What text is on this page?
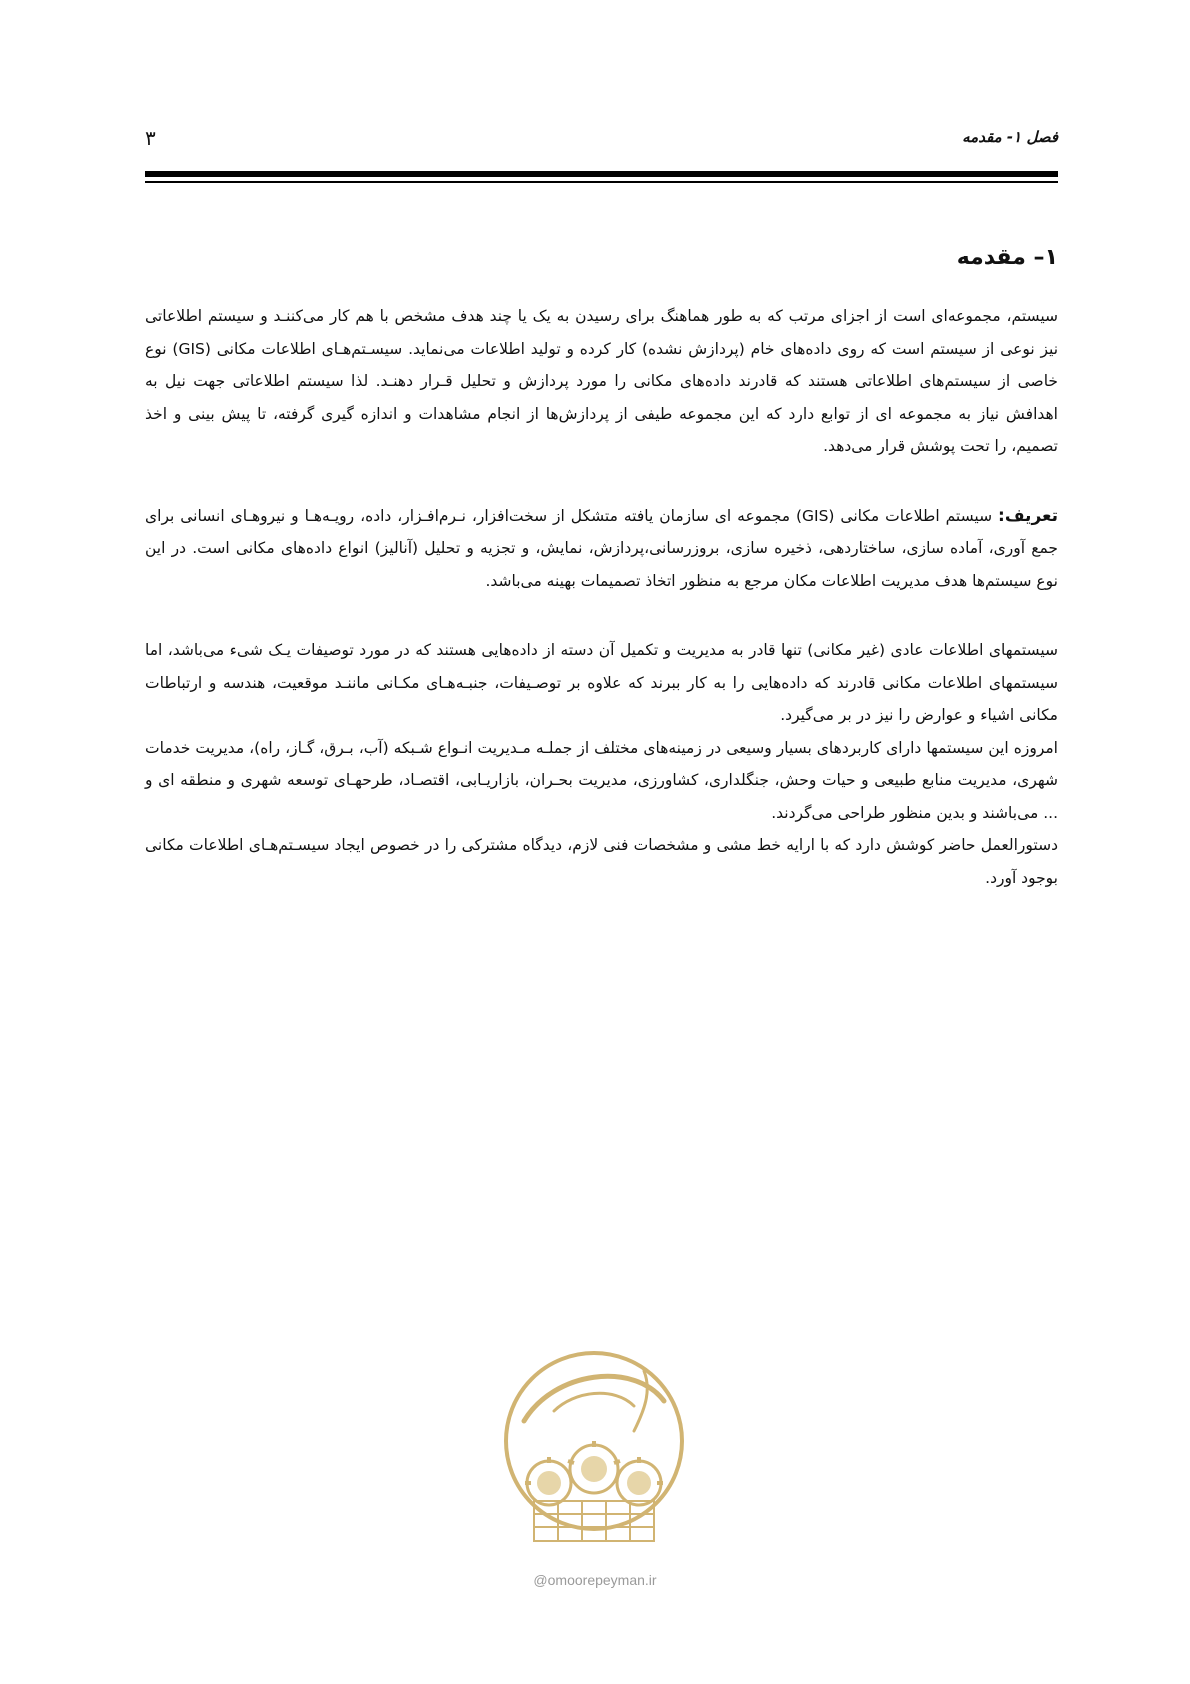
فصل ۱- مقدمه
۳
۱– مقدمه

سیستم، مجموعه‌ای است از اجزای مرتب که به طور هماهنگ برای رسیدن به یک یا چند هدف مشخص با هم کار می‌کننـد و سیستم اطلاعاتی نیز نوعی از سیستم است که روی داده‌های خام (پردازش نشده) کار کرده و تولید اطلاعات می‌نماید. سیسـتم‌هـای اطلاعات مکانی (GIS) نوع خاصی از سیستم‌های اطلاعاتی هستند که قادرند داده‌های مکانی را مورد پردازش و تحلیل قـرار دهنـد. لذا سیستم اطلاعاتی جهت نیل به اهدافش نیاز به مجموعه ای از توابع دارد که این مجموعه طیفی از پردازش‌ها از انجام مشاهدات و اندازه گیری گرفته، تا پیش بینی و اخذ تصمیم، را تحت پوشش قرار می‌دهد.

تعریف: سیستم اطلاعات مکانی (GIS) مجموعه ای سازمان یافته متشکل از سخت‌افزار، نـرم‌افـزار، داده، رویـه‌هـا و نیروهـای انسانی برای جمع آوری، آماده سازی، ساختاردهی، ذخیره سازی، بروزرسانی،پردازش، نمایش، و تجزیه و تحلیل (آنالیز) انواع داده‌های مکانی است. در این نوع سیستم‌ها هدف مدیریت اطلاعات مکان مرجع به منظور اتخاذ تصمیمات بهینه می‌باشد.

سیستمهای اطلاعات عادی (غیر مکانی) تنها قادر به مدیریت و تکمیل آن دسته از داده‌هایی هستند که در مورد توصیفات یـک شیء می‌باشد، اما سیستمهای اطلاعات مکانی قادرند که داده‌هایی را به کار ببرند که علاوه بر توصـیفات، جنبـه‌هـای مکـانی ماننـد موقعیت، هندسه و ارتباطات مکانی اشیاء و عوارض را نیز در بر می‌گیرد.

امروزه این سیستمها دارای کاربردهای بسیار وسیعی در زمینه‌های مختلف از جملـه مـدیریت انـواع شـبکه (آب، بـرق، گـاز، راه)، مدیریت خدمات شهری، مدیریت منابع طبیعی و حیات وحش، جنگلداری، کشاورزی، مدیریت بحـران، بازاریـابی، اقتصـاد، طرحهـای توسعه شهری و منطقه ای و ... می‌باشند و بدین منظور طراحی می‌گردند.

دستورالعمل حاضر کوشش دارد که با ارایه خط مشی و مشخصات فنی لازم، دیدگاه مشترکی را در خصوص ایجاد سیسـتم‌هـای اطلاعات مکانی بوجود آورد.

@omoorepeyman.ir
